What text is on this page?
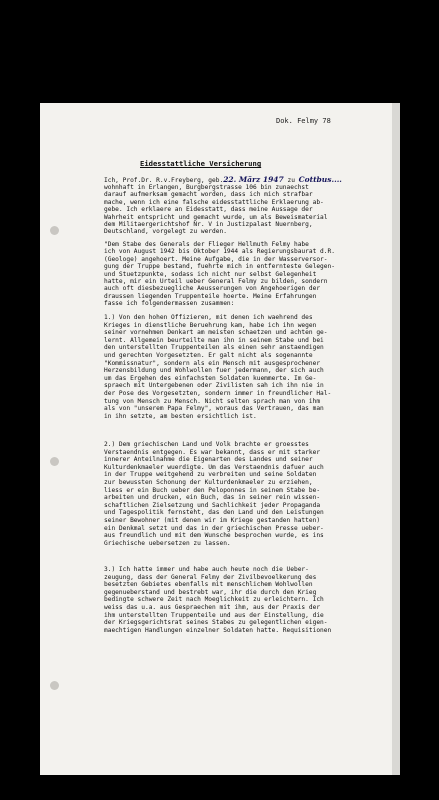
Dok. Felmy 78
Eidesstattliche Versicherung
Ich, Prof.Dr. R.v.Freyberg, geb.22. März 1947 zu Cottbus....
wohnhaft in Erlangen, Burgbergstrasse 106 bin zunaechst
darauf aufmerksam gemacht worden, dass ich mich strafbar
mache, wenn ich eine falsche eidesstattliche Erklaerung ab-
gebe. Ich erklaere an Eidesstatt, dass meine Aussage der
Wahrheit entspricht und gemacht wurde, um als Beweismaterial
dem Militaergerichtshof Nr. V in Justizpalast Nuernberg,
Deutschland, vorgelegt zu werden.
"Dem Stabe des Generals der Flieger Hellmuth Felmy habe
ich von August 1942 bis Oktober 1944 als Regierungsbaurat d.R.
(Geologe) angehoert. Meine Aufgabe, die in der Wasserversor-
gung der Truppe bestand, fuehrte mich in entfernteste Gelegen-
und Stuetzpunkte, sodass ich nicht nur selbst Gelegenheit
hatte, mir ein Urteil ueber General Felmy zu bilden, sondern
auch oft diesbezuegliche Aeusserungen von Angehoerigen der
draussen liegenden Truppenteile hoerte. Meine Erfahrungen
fasse ich folgendermassen zusammen:
1.) Von den hohen Offizieren, mit denen ich waehrend des
Krieges in dienstliche Beruehrung kam, habe ich ihn wegen
seiner vornehmen Denkart am meisten schaetzen und achten ge-
lernt. Allgemein beurteilte man ihn in seinem Stabe und bei
den unterstellten Truppenteilen als einen sehr anstaendigen
und gerechten Vorgesetzten. Er galt nicht als sogenannte
"Kommissnatur", sondern als ein Mensch mit ausgesprochener
Herzensbildung und Wohlwollen fuer jedermann, der sich auch
um das Ergehen des einfachsten Soldaten kuemmerte. Im Ge-
spraech mit Untergebenen oder Zivilisten sah ich ihn nie in
der Pose des Vorgesetzten, sondern immer in freundlicher Hal-
tung von Mensch zu Mensch. Nicht selten sprach man von ihm
als von "unserem Papa Felmy", woraus das Vertrauen, das man
in ihn setzte, am besten ersichtlich ist.
2.) Dem griechischen Land und Volk brachte er groesstes
Verstaendnis entgegen. Es war bekannt, dass er mit starker
innerer Anteilnahme die Eigenarten des Landes und seiner
Kulturdenkmaeler wuerdigte. Um das Verstaendnis dafuer auch
in der Truppe weitgehend zu verbreiten und seine Soldaten
zur bewussten Schonung der Kulturdenkmaeler zu erziehen,
liess er ein Buch ueber den Peloponnes in seinem Stabe be-
arbeiten und drucken, ein Buch, das in seiner rein wissen-
schaftlichen Zielsetzung und Sachlichkeit jeder Propaganda
und Tagespolitik fernsteht, das den Land und den Leistungen
seiner Bewohner (mit denen wir im Kriege gestanden hatten)
ein Denkmal setzt und das in der griechischen Presse ueber-
aus freundlich und mit dem Wunsche besprochen wurde, es ins
Griechische uebersetzen zu lassen.
3.) Ich hatte immer und habe auch heute noch die Ueber-
zeugung, dass der General Felmy der Zivilbevoelkerung des
besetzten Gebietes ebenfalls mit menschlichem Wohlwollen
gegenueberstand und bestrebt war, ihr die durch den Krieg
bedingte schwere Zeit nach Moeglichkeit zu erleichtern. Ich
weiss das u.a. aus Gespraechen mit ihm, aus der Praxis der
ihm unterstellten Truppenteile und aus der Einstellung, die
der Kriegsgerichtsrat seines Stabes zu gelegentlichen eigen-
maechtigen Handlungen einzelner Soldaten hatte. Requisitionen
